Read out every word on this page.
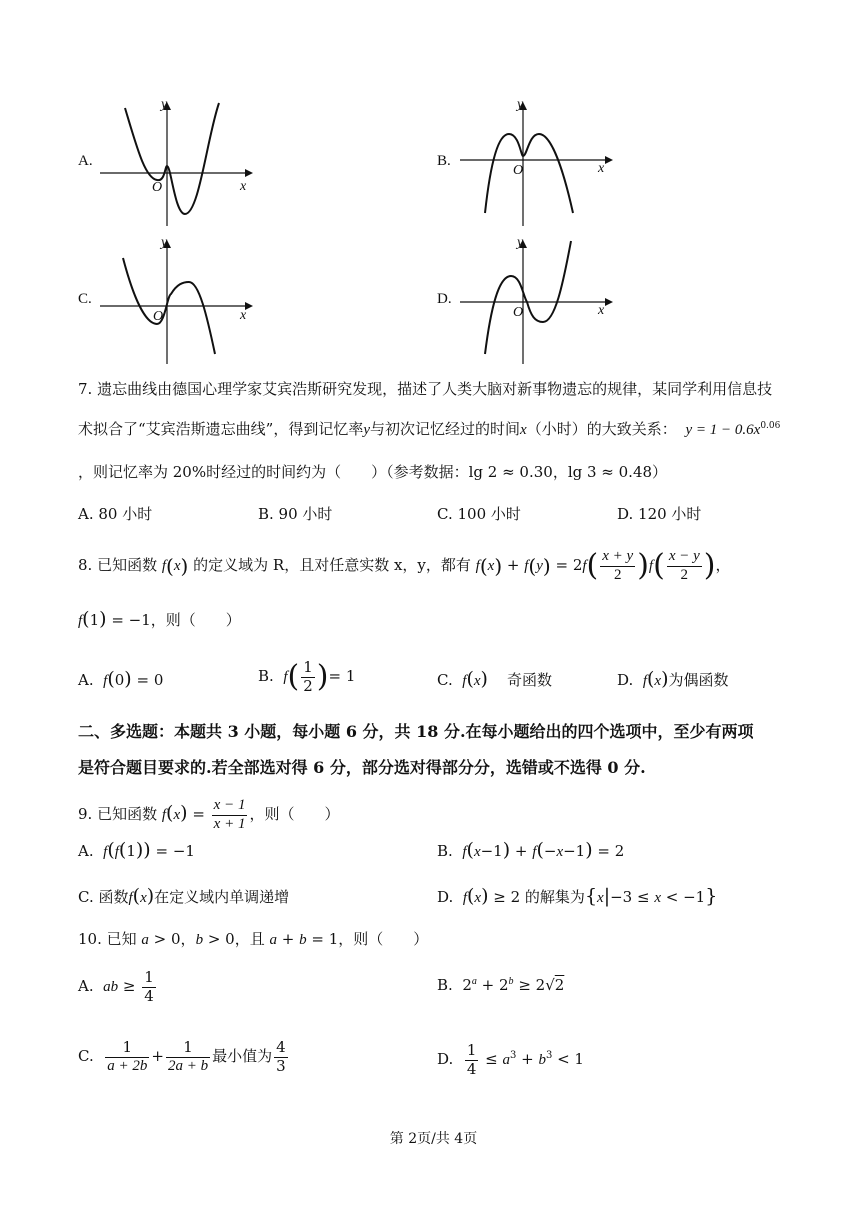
A.
y
x
O
B.
y
x
O
C.
y
x
O
D.
y
x
O
7. 遗忘曲线由德国心理学家艾宾浩斯研究发现，描述了人类大脑对新事物遗忘的规律，某同学利用信息技
术拟合了“艾宾浩斯遗忘曲线”，得到记忆率y与初次记忆经过的时间x（小时）的大致关系： $y = 1 - 0.6x^{0.06}$
，则记忆率为 20%时经过的时间约为（　　）（参考数据：lg 2 ≈ 0.30，lg 3 ≈ 0.48）
A. 80 小时	B. 90 小时	C. 100 小时	D. 120 小时
8. 已知函数 f(x) 的定义域为 R，且对任意实数 x，y，都有 $f(x) + f(y) = 2f( \frac{x + y}{2} )f( \frac{x - y}{2}$ )，
f(1) = −1，则（　　）
A. f(0) = 0	B. $f( \frac{1}{2}$ )= 1	C. f(x) 奇函数	D. f(x)为偶函数
二、多选题：本题共 3 小题，每小题 6 分，共 18 分.在每小题给出的四个选项中，至少有两项
是符合题目要求的.若全部选对得 6 分，部分选对得部分分，选错或不选得 0 分.
9. 已知函数 $f(x) = \frac{x - 1}{x + 1}$ ，则（　　）
A. f(f(1)) = −1	B. f(x−1) + f(−x−1) = 2
C. 函数f(x)在定义域内单调递增	D. f(x) ≥ 2 的解集为{x|−3 ≤ x < −1}
10. 已知 a > 0，b > 0，且 a + b = 1，则（　　）
A. ab ≥ $\frac{1}{4}$	B.  $2^a + 2^b \ge 2√2$
C. $\frac{1}{a + 2b} + \frac{1}{2a + b}$ 最小值为 $\frac{4}{3}$	D. $\frac{1}{4} \le a^3 + b^3 < 1$
第 2页/共 4页
